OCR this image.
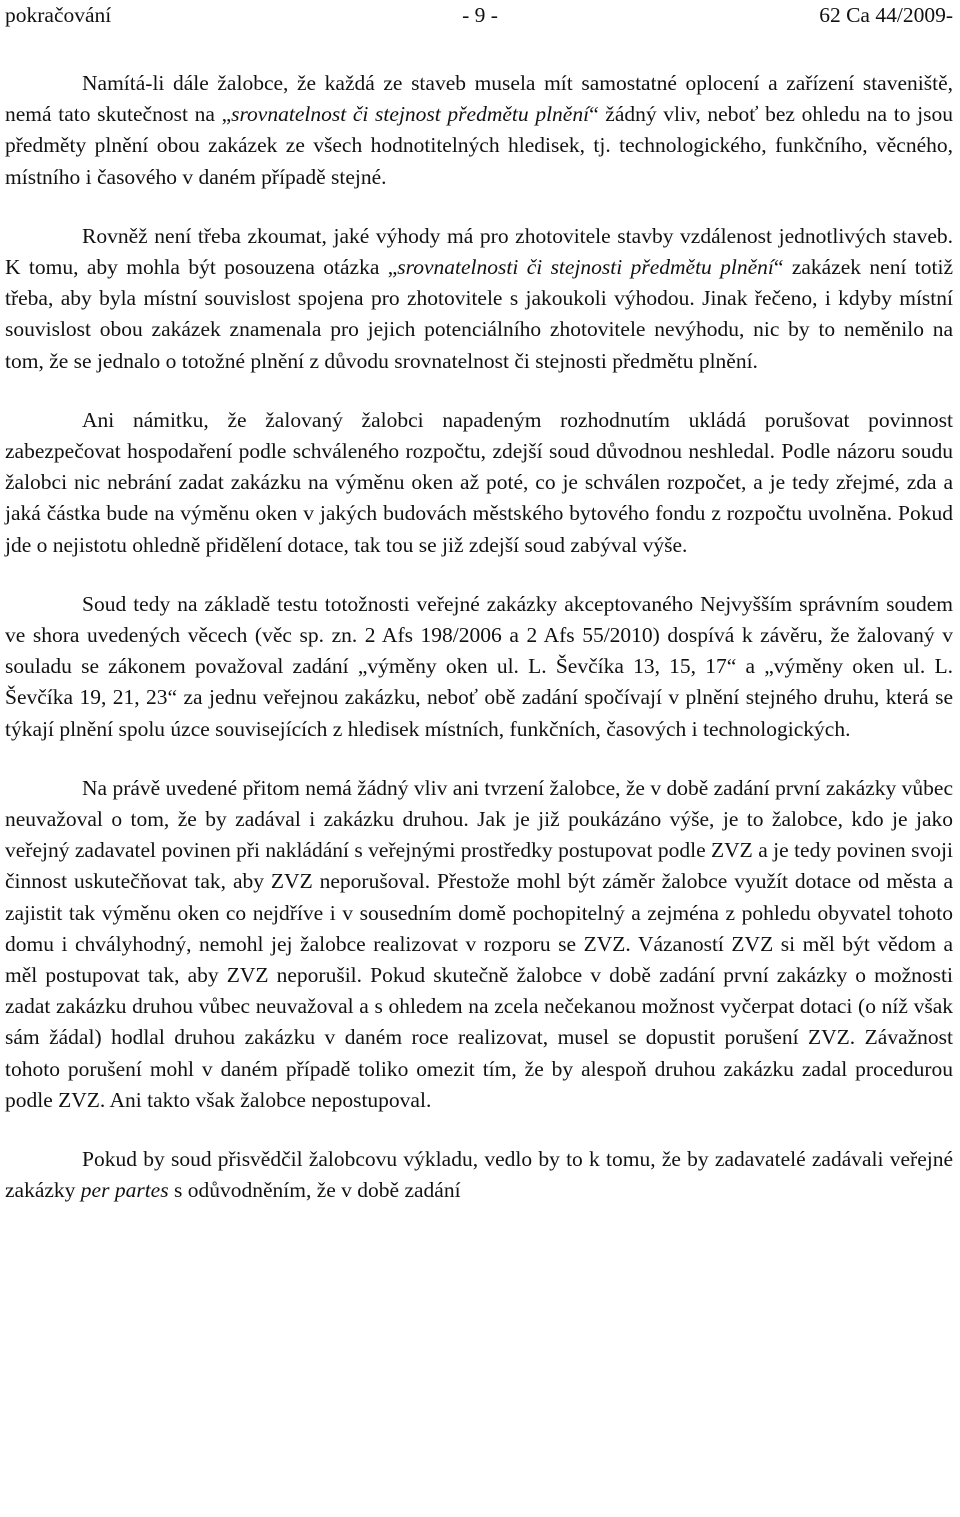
pokračování	- 9 -	62 Ca 44/2009-

Namítá-li dále žalobce, že každá ze staveb musela mít samostatné oplocení a zařízení staveniště, nemá tato skutečnost na „srovnatelnost či stejnost předmětu plnění“ žádný vliv, neboť bez ohledu na to jsou předměty plnění obou zakázek ze všech hodnotitelných hledisek, tj. technologického, funkčního, věcného, místního i časového v daném případě stejné.

Rovněž není třeba zkoumat, jaké výhody má pro zhotovitele stavby vzdálenost jednotlivých staveb. K tomu, aby mohla být posouzena otázka „srovnatelnosti či stejnosti předmětu plnění“ zakázek není totiž třeba, aby byla místní souvislost spojena pro zhotovitele s jakoukoli výhodou. Jinak řečeno, i kdyby místní souvislost obou zakázek znamenala pro jejich potenciálního zhotovitele nevýhodu, nic by to neměnilo na tom, že se jednalo o totožné plnění z důvodu srovnatelnost či stejnosti předmětu plnění.

Ani námitku, že žalovaný žalobci napadeným rozhodnutím ukládá porušovat povinnost zabezpečovat hospodaření podle schváleného rozpočtu, zdejší soud důvodnou neshledal. Podle názoru soudu žalobci nic nebrání zadat zakázku na výměnu oken až poté, co je schválen rozpočet, a je tedy zřejmé, zda a jaká částka bude na výměnu oken v jakých budovách městského bytového fondu z rozpočtu uvolněna. Pokud jde o nejistotu ohledně přidělení dotace, tak tou se již zdejší soud zabýval výše.

Soud tedy na základě testu totožnosti veřejné zakázky akceptovaného Nejvyšším správním soudem ve shora uvedených věcech (věc sp. zn. 2 Afs 198/2006 a 2 Afs 55/2010) dospívá k závěru, že žalovaný v souladu se zákonem považoval zadání „výměny oken ul. L. Ševčíka 13, 15, 17“ a „výměny oken ul. L. Ševčíka 19, 21, 23“ za jednu veřejnou zakázku, neboť obě zadání spočívají v plnění stejného druhu, která se týkají plnění spolu úzce souvisejících z hledisek místních, funkčních, časových i technologických.

Na právě uvedené přitom nemá žádný vliv ani tvrzení žalobce, že v době zadání první zakázky vůbec neuvažoval o tom, že by zadával i zakázku druhou. Jak je již poukázáno výše, je to žalobce, kdo je jako veřejný zadavatel povinen při nakládání s veřejnými prostředky postupovat podle ZVZ a je tedy povinen svoji činnost uskutečňovat tak, aby ZVZ neporušoval. Přestože mohl být záměr žalobce využít dotace od města a zajistit tak výměnu oken co nejdříve i v sousedním domě pochopitelný a zejména z pohledu obyvatel tohoto domu i chvályhodný, nemohl jej žalobce realizovat v rozporu se ZVZ. Vázaností ZVZ si měl být vědom a měl postupovat tak, aby ZVZ neporušil. Pokud skutečně žalobce v době zadání první zakázky o možnosti zadat zakázku druhou vůbec neuvažoval a s ohledem na zcela nečekanou možnost vyčerpat dotaci (o níž však sám žádal) hodlal druhou zakázku v daném roce realizovat, musel se dopustit porušení ZVZ. Závažnost tohoto porušení mohl v daném případě toliko omezit tím, že by alespoň druhou zakázku zadal procedurou podle ZVZ. Ani takto však žalobce nepostupoval.

Pokud by soud přisvědčil žalobcovu výkladu, vedlo by to k tomu, že by zadavatelé zadávali veřejné zakázky per partes s odůvodněním, že v době zadání
